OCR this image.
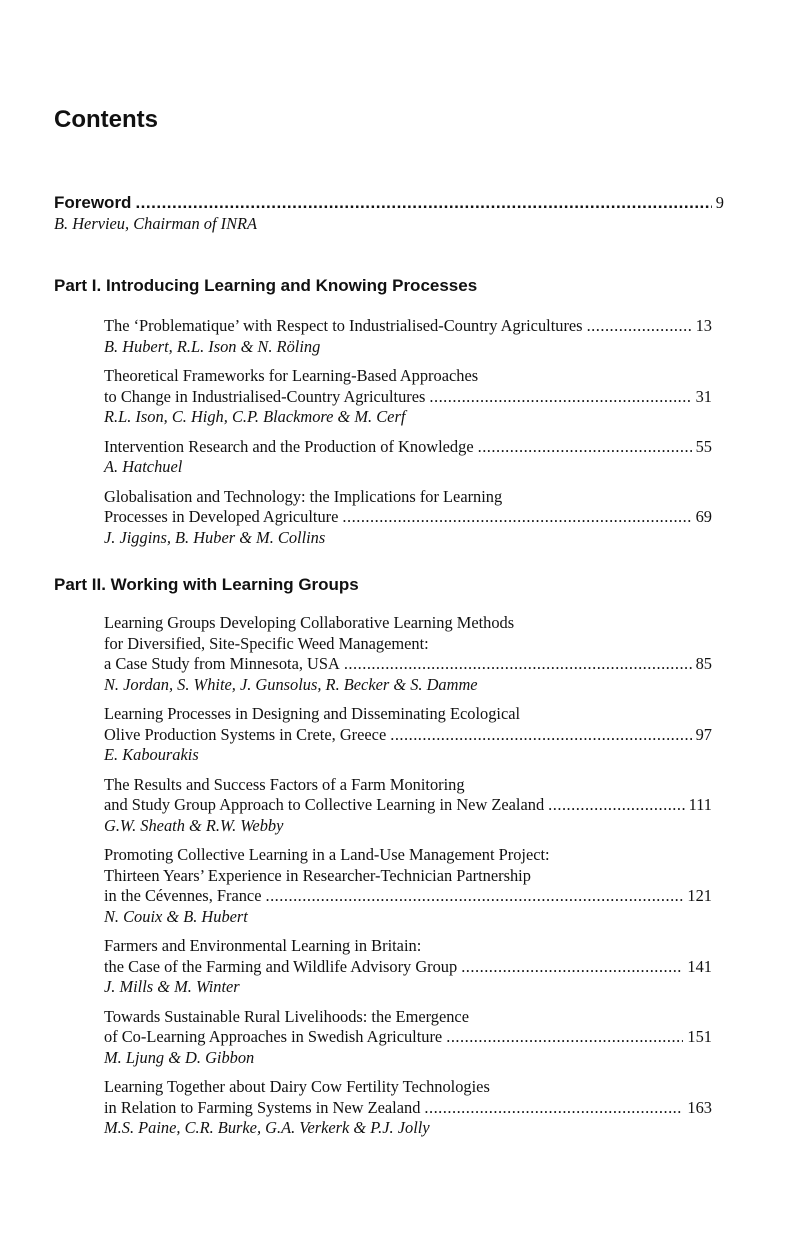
Contents
Foreword .....	9
B. Hervieu, Chairman of INRA
Part I. Introducing Learning and Knowing Processes
The ‘Problematique’ with Respect to Industrialised-Country Agricultures .....	13
B. Hubert, R.L. Ison & N. Röling
Theoretical Frameworks for Learning-Based Approaches
to Change in Industrialised-Country Agricultures .....	31
R.L. Ison, C. High, C.P. Blackmore & M. Cerf
Intervention Research and the Production of Knowledge .....	55
A. Hatchuel
Globalisation and Technology: the Implications for Learning
Processes in Developed Agriculture .....	69
J. Jiggins, B. Huber & M. Collins
Part II. Working with Learning Groups
Learning Groups Developing Collaborative Learning Methods
for Diversified, Site-Specific Weed Management:
a Case Study from Minnesota, USA .....	85
N. Jordan, S. White, J. Gunsolus, R. Becker & S. Damme
Learning Processes in Designing and Disseminating Ecological
Olive Production Systems in Crete, Greece .....	97
E. Kabourakis
The Results and Success Factors of a Farm Monitoring
and Study Group Approach to Collective Learning in New Zealand .....	111
G.W. Sheath & R.W. Webby
Promoting Collective Learning in a Land-Use Management Project:
Thirteen Years’ Experience in Researcher-Technician Partnership
in the Cévennes, France .....	121
N. Couix & B. Hubert
Farmers and Environmental Learning in Britain:
the Case of the Farming and Wildlife Advisory Group .....	141
J. Mills & M. Winter
Towards Sustainable Rural Livelihoods: the Emergence
of Co-Learning Approaches in Swedish Agriculture .....	151
M. Ljung & D. Gibbon
Learning Together about Dairy Cow Fertility Technologies
in Relation to Farming Systems in New Zealand .....	163
M.S. Paine, C.R. Burke, G.A. Verkerk & P.J. Jolly
